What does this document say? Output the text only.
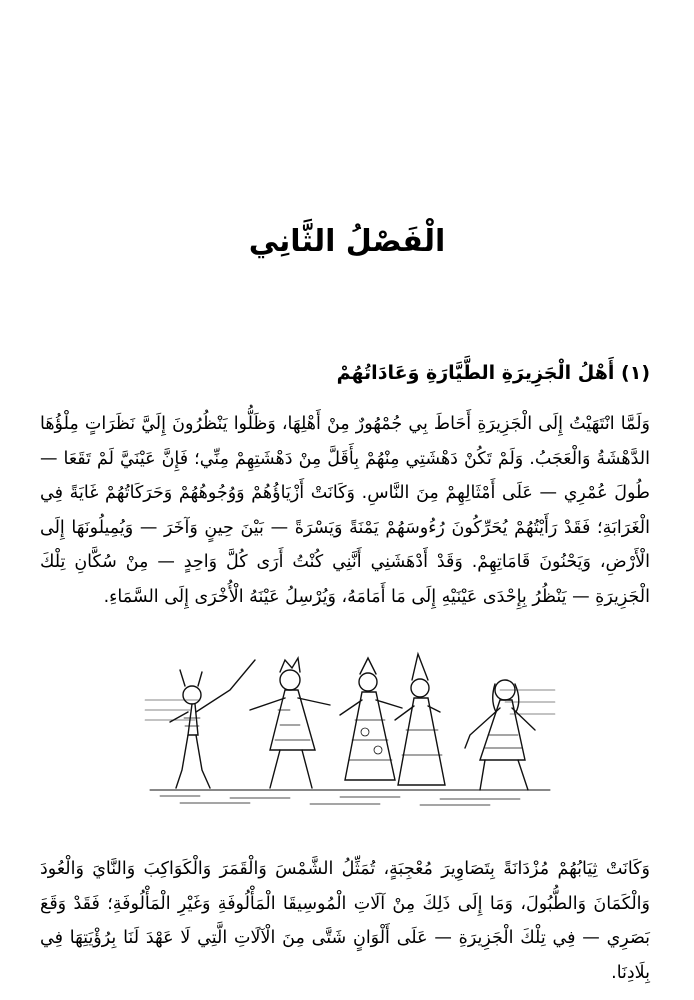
الْفَصْلُ الثَّانِي
(١) أَهْلُ الْجَزِيرَةِ الطَّيَّارَةِ وَعَادَاتُهُمْ

وَلَمَّا انْتَهَيْتُ إِلَى الْجَزِيرَةِ أَحَاطَ بِي جُمْهُورٌ مِنْ أَهْلِهَا، وَظَلُّوا يَنْظُرُونَ إِلَيَّ نَظَرَاتٍ مِلْؤُهَا الدَّهْشَةُ وَالْعَجَبُ. وَلَمْ تَكُنْ دَهْشَتِي مِنْهُمْ بِأَقَلَّ مِنْ دَهْشَتِهِمْ مِنِّي؛ فَإِنَّ عَيْنَيَّ لَمْ تَقَعَا — طُولَ عُمْرِي — عَلَى أَمْثَالِهِمْ مِنَ النَّاسِ. وَكَانَتْ أَزْيَاؤُهُمْ وَوُجُوهُهُمْ وَحَرَكَاتُهُمْ غَايَةً فِي الْغَرَابَةِ؛ فَقَدْ رَأَيْتُهُمْ يُحَرِّكُونَ رُءُوسَهُمْ يَمْنَةً وَيَسْرَةً — بَيْنَ حِينٍ وَآخَرَ — وَيُمِيلُونَهَا إِلَى الْأَرْضِ، وَيَحْنُونَ قَامَاتِهِمْ. وَقَدْ أَدْهَشَنِي أَنَّنِي كُنْتُ أَرَى كُلَّ وَاحِدٍ — مِنْ سُكَّانِ تِلْكَ الْجَزِيرَةِ — يَنْظُرُ بِإِحْدَى عَيْنَيْهِ إِلَى مَا أَمَامَهُ، وَيُرْسِلُ عَيْنَهُ الْأُخْرَى إِلَى السَّمَاءِ.

وَكَانَتْ ثِيَابُهُمْ مُزْدَانَةً بِتَصَاوِيرَ مُعْجِبَةٍ، تُمَثِّلُ الشَّمْسَ وَالْقَمَرَ وَالْكَوَاكِبَ وَالنَّايَ وَالْعُودَ وَالْكَمَانَ وَالطُّبُولَ، وَمَا إِلَى ذَلِكَ مِنْ آلَاتِ الْمُوسِيقَا الْمَأْلُوفَةِ وَغَيْرِ الْمَأْلُوفَةِ؛ فَقَدْ وَقَعَ بَصَرِي — فِي تِلْكَ الْجَزِيرَةِ — عَلَى أَلْوَانٍ شَتَّى مِنَ الْآلَاتِ الَّتِي لَا عَهْدَ لَنَا بِرُؤْيَتِهَا فِي بِلَادِنَا.
